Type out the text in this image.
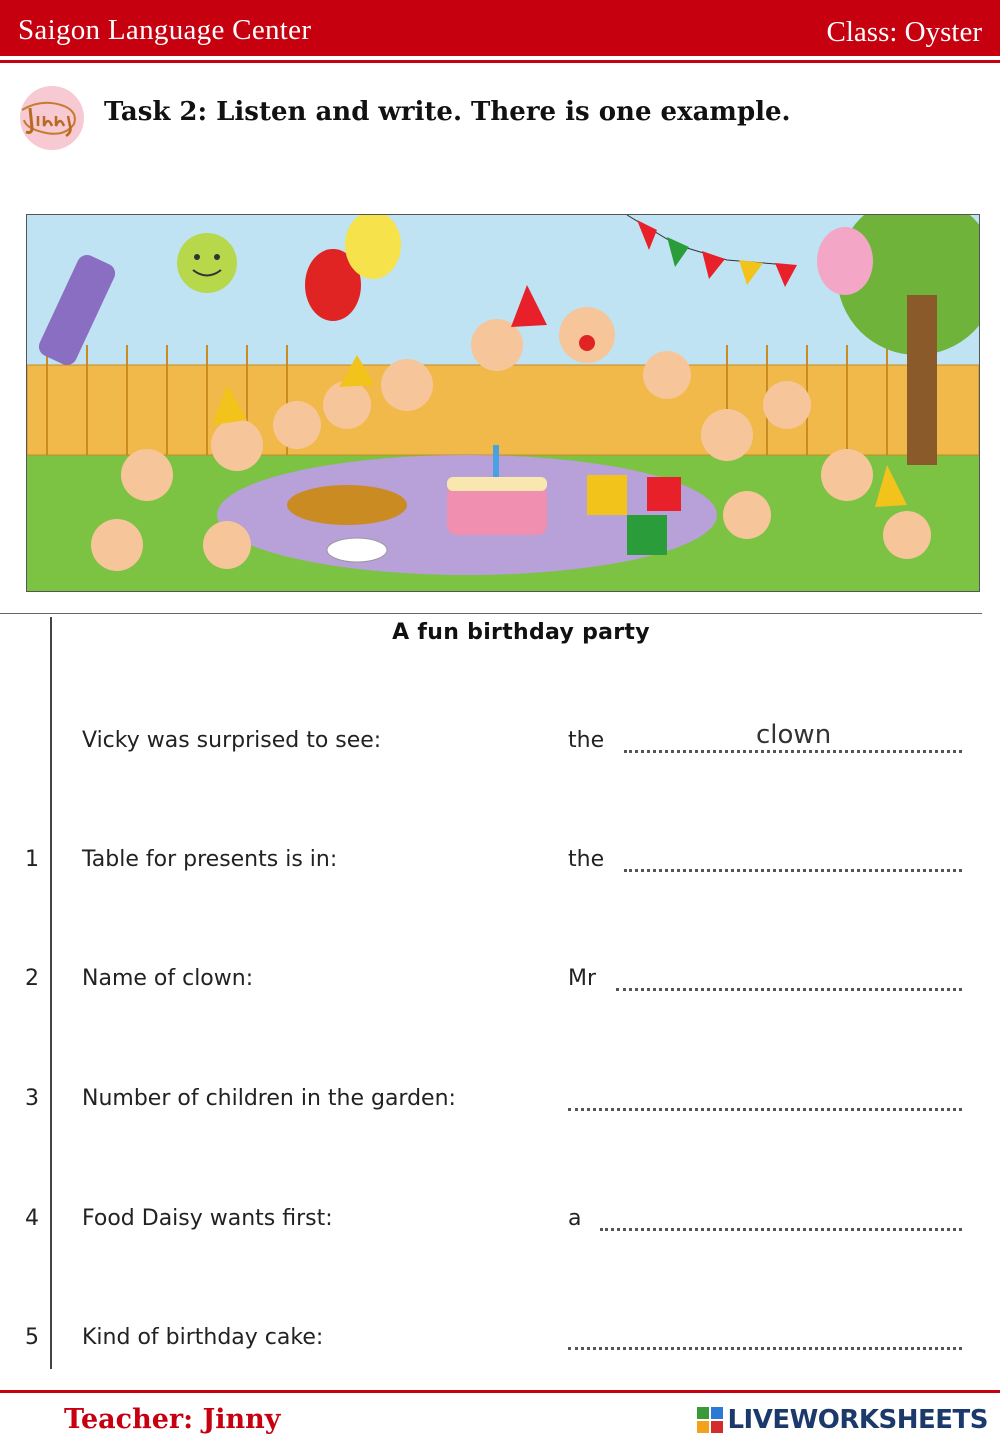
Saigon Language Center	Class: Oyster
Task 2: Listen and write. There is one example.
A fun birthday party
Vicky was surprised to see:	the	clown
1 Table for presents is in:	the
2 Name of clown:	Mr
3 Number of children in the garden:
4 Food Daisy wants first:	a
5 Kind of birthday cake:
Teacher: Jinny	LIVEWORKSHEETS
